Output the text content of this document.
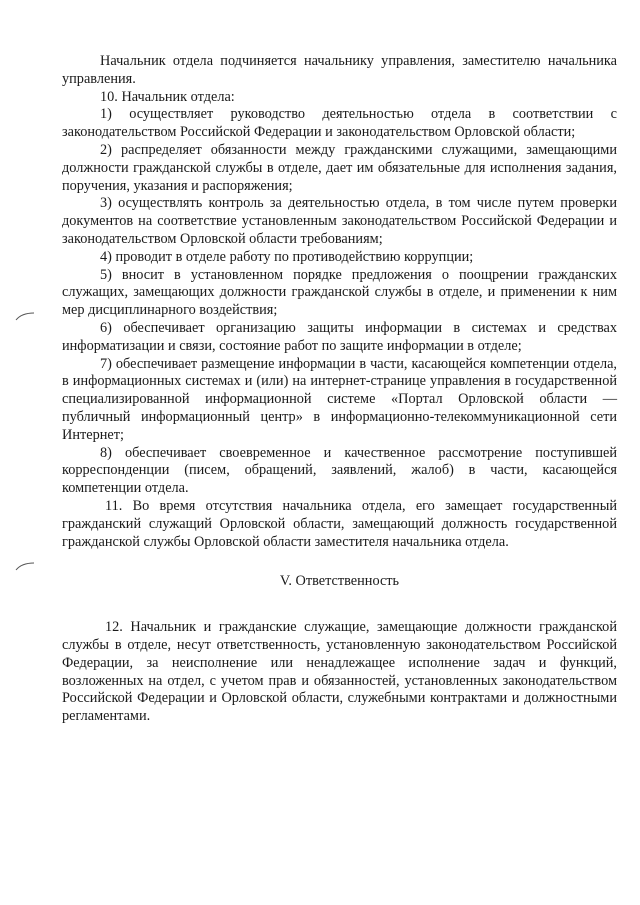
Начальник отдела подчиняется начальнику управления, заместителю начальника управления.

10. Начальник отдела:

1) осуществляет руководство деятельностью отдела в соответствии с законодательством Российской Федерации и законодательством Орловской области;

2) распределяет обязанности между гражданскими служащими, замещающими должности гражданской службы в отделе, дает им обязательные для исполнения задания, поручения, указания и распоряжения;

3) осуществлять контроль за деятельностью отдела, в том числе путем проверки документов на соответствие установленным законодательством Российской Федерации и законодательством Орловской области требованиям;

4) проводит в отделе работу по противодействию коррупции;

5) вносит в установленном порядке предложения о поощрении гражданских служащих, замещающих должности гражданской службы в отделе, и применении к ним мер дисциплинарного воздействия;

6) обеспечивает организацию защиты информации в системах и средствах информатизации и связи, состояние работ по защите информации в отделе;

7) обеспечивает размещение информации в части, касающейся компетенции отдела, в информационных системах и (или) на интернет-странице управления в государственной специализированной информационной системе «Портал Орловской области — публичный информационный центр» в информационно-телекоммуникационной сети Интернет;

8) обеспечивает своевременное и качественное рассмотрение поступившей корреспонденции (писем, обращений, заявлений, жалоб) в части, касающейся компетенции отдела.

11. Во время отсутствия начальника отдела, его замещает государственный гражданский служащий Орловской области, замещающий должность государственной гражданской службы Орловской области заместителя начальника отдела.

V. Ответственность

12. Начальник и гражданские служащие, замещающие должности гражданской службы в отделе, несут ответственность, установленную законодательством Российской Федерации, за неисполнение или ненадлежащее исполнение задач и функций, возложенных на отдел, с учетом прав и обязанностей, установленных законодательством Российской Федерации и Орловской области, служебными контрактами и должностными регламентами.
